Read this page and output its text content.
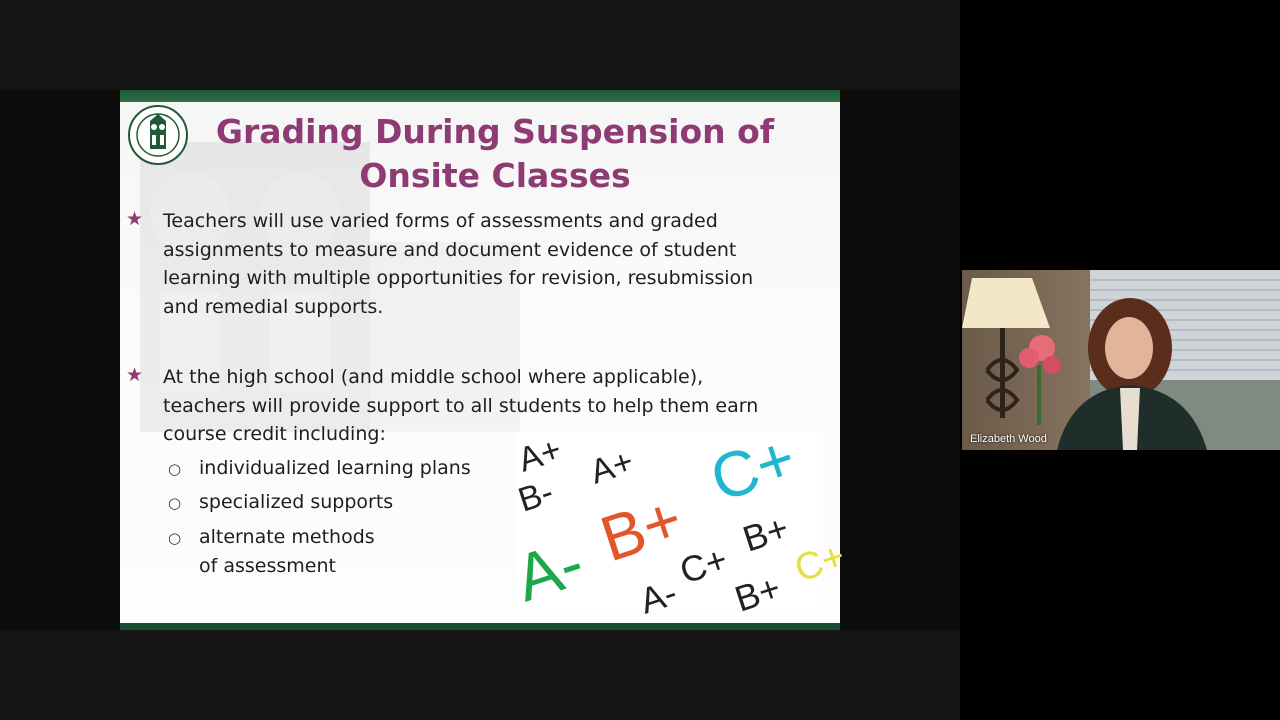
Grading During Suspension of Onsite Classes
★ Teachers will use varied forms of assessments and graded
assignments to measure and document evidence of student
learning with multiple opportunities for revision, resubmission
and remedial supports.

★ At the high school (and middle school where applicable),
teachers will provide support to all students to help them earn
course credit including:

○ individualized learning plans

○ specialized supports

○ alternate methods
of assessment

A+
B-
A+ C+
B+
A-	B+
C+
A- B+
C+
Elizabeth Wood
